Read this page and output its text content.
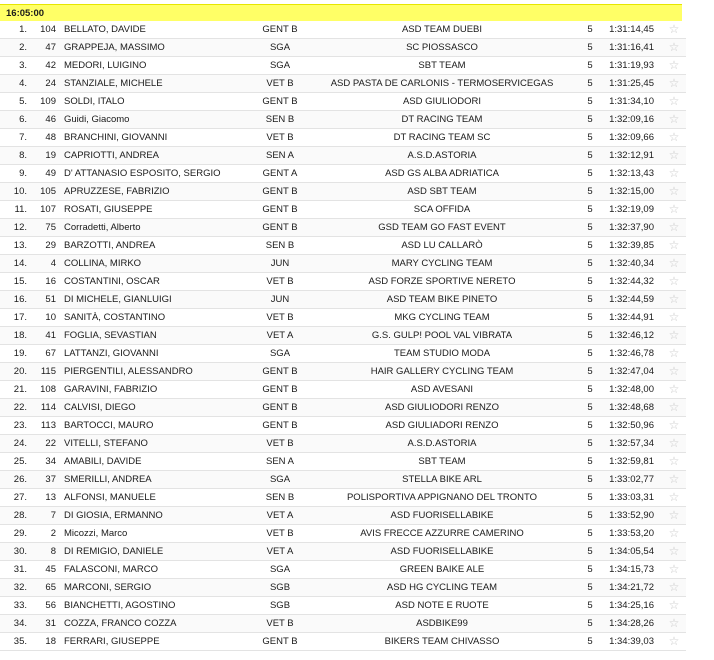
16:05:00
1.	104 BELLATO, DAVIDE	GENT B	ASD TEAM DUEBI	5	1:31:14,45 ☆
2.	47 GRAPPEJA, MASSIMO	SGA	SC PIOSSASCO	5	1:31:16,41 ☆
3.	42 MEDORI, LUIGINO	SGA	SBT TEAM	5	1:31:19,93 ☆
4.	24 STANZIALE, MICHELE	VET B	ASD PASTA DE CARLONIS - TERMOSERVICEGAS	5	1:31:25,45 ☆
5.	109 SOLDI, ITALO	GENT B	ASD GIULIODORI	5	1:31:34,10 ☆
6.	46 Guidi, Giacomo	SEN B	DT RACING TEAM	5	1:32:09,16 ☆
7.	48 BRANCHINI, GIOVANNI	VET B	DT RACING TEAM SC	5	1:32:09,66 ☆
8.	19 CAPRIOTTI, ANDREA	SEN A	A.S.D.ASTORIA	5	1:32:12,91 ☆
9.	49 D' ATTANASIO ESPOSITO, SERGIO	GENT A	ASD GS ALBA ADRIATICA	5	1:32:13,43 ☆
10.	105 APRUZZESE, FABRIZIO	GENT B	ASD SBT TEAM	5	1:32:15,00 ☆
11.	107 ROSATI, GIUSEPPE	GENT B	SCA OFFIDA	5	1:32:19,09 ☆
12.	75 Corradetti, Alberto	GENT B	GSD TEAM GO FAST EVENT	5	1:32:37,90 ☆
13.	29 BARZOTTI, ANDREA	SEN B	ASD LU CALLARÒ	5	1:32:39,85 ☆
14.	4 COLLINA, MIRKO	JUN	MARY CYCLING TEAM	5	1:32:40,34 ☆
15.	16 COSTANTINI, OSCAR	VET B	ASD FORZE SPORTIVE NERETO	5	1:32:44,32 ☆
16.	51 DI MICHELE, GIANLUIGI	JUN	ASD TEAM BIKE PINETO	5	1:32:44,59 ☆
17.	10 SANITÀ, COSTANTINO	VET B	MKG CYCLING TEAM	5	1:32:44,91 ☆
18.	41 FOGLIA, SEVASTIAN	VET A	G.S. GULP! POOL VAL VIBRATA	5	1:32:46,12 ☆
19.	67 LATTANZI, GIOVANNI	SGA	TEAM STUDIO MODA	5	1:32:46,78 ☆
20.	115 PIERGENTILI, ALESSANDRO	GENT B	HAIR GALLERY CYCLING TEAM	5	1:32:47,04 ☆
21.	108 GARAVINI, FABRIZIO	GENT B	ASD AVESANI	5	1:32:48,00 ☆
22.	114 CALVISI, DIEGO	GENT B	ASD GIULIODORI RENZO	5	1:32:48,68 ☆
23.	113 BARTOCCI, MAURO	GENT B	ASD GIULIADORI RENZO	5	1:32:50,96 ☆
24.	22 VITELLI, STEFANO	VET B	A.S.D.ASTORIA	5	1:32:57,34 ☆
25.	34 AMABILI, DAVIDE	SEN A	SBT TEAM	5	1:32:59,81 ☆
26.	37 SMERILLI, ANDREA	SGA	STELLA BIKE ARL	5	1:33:02,77 ☆
27.	13 ALFONSI, MANUELE	SEN B	POLISPORTIVA APPIGNANO DEL TRONTO	5	1:33:03,31 ☆
28.	7 DI GIOSIA, ERMANNO	VET A	ASD FUORISELLABIKE	5	1:33:52,90 ☆
29.	2 Micozzi, Marco	VET B	AVIS FRECCE AZZURRE CAMERINO	5	1:33:53,20 ☆
30.	8 DI REMIGIO, DANIELE	VET A	ASD FUORISELLABIKE	5	1:34:05,54 ☆
31.	45 FALASCONI, MARCO	SGA	GREEN BAIKE ALE	5	1:34:15,73 ☆
32.	65 MARCONI, SERGIO	SGB	ASD HG CYCLING TEAM	5	1:34:21,72 ☆
33.	56 BIANCHETTI, AGOSTINO	SGB	ASD NOTE E RUOTE	5	1:34:25,16 ☆
34.	31 COZZA, FRANCO COZZA	VET B	ASDBIKE99	5	1:34:28,26 ☆
35.	18 FERRARI, GIUSEPPE	GENT B	BIKERS TEAM CHIVASSO	5	1:34:39,03 ☆
